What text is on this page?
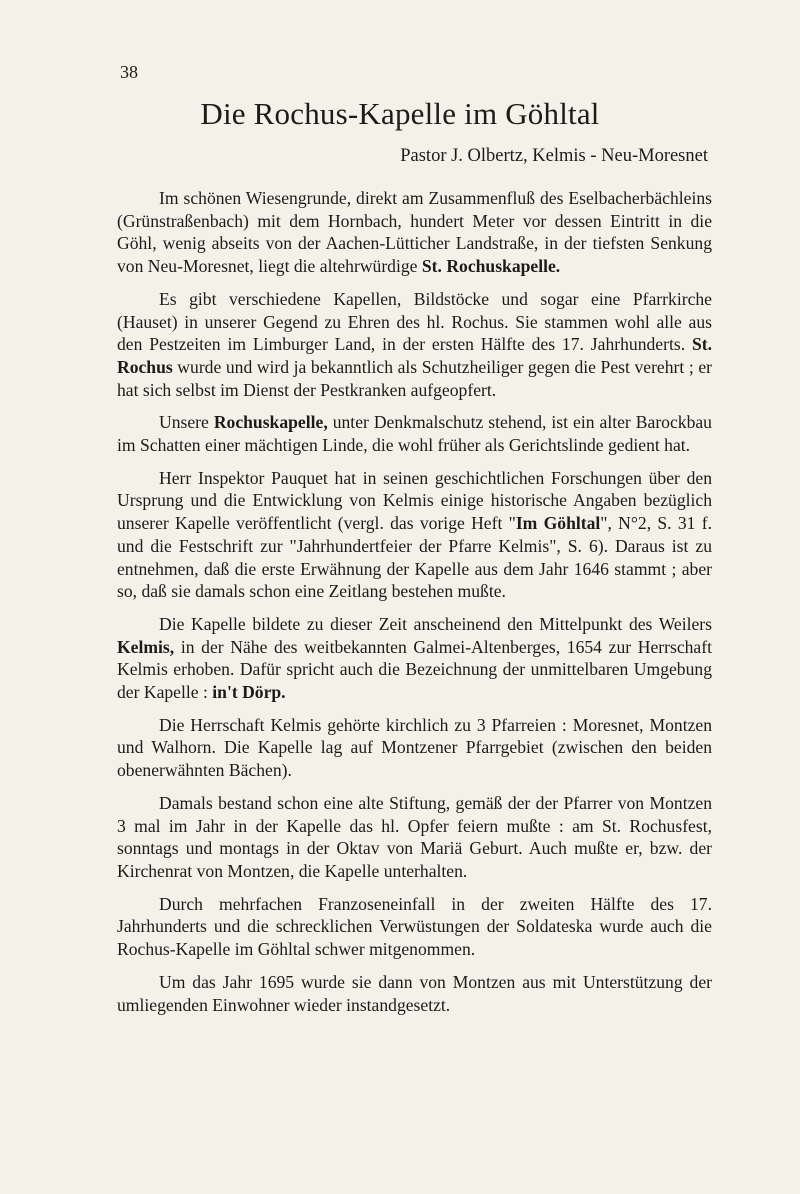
38
Die Rochus-Kapelle im Göhltal
Pastor J. Olbertz, Kelmis - Neu-Moresnet

Im schönen Wiesengrunde, direkt am Zusammenfluß des Eselbacherbächleins (Grünstraßenbach) mit dem Hornbach, hundert Meter vor dessen Eintritt in die Göhl, wenig abseits von der Aachen-Lütticher Landstraße, in der tiefsten Senkung von Neu-Moresnet, liegt die altehrwürdige St. Rochuskapelle.

Es gibt verschiedene Kapellen, Bildstöcke und sogar eine Pfarrkirche (Hauset) in unserer Gegend zu Ehren des hl. Rochus. Sie stammen wohl alle aus den Pestzeiten im Limburger Land, in der ersten Hälfte des 17. Jahrhunderts. St. Rochus wurde und wird ja bekanntlich als Schutzheiliger gegen die Pest verehrt ; er hat sich selbst im Dienst der Pestkranken aufgeopfert.

Unsere Rochuskapelle, unter Denkmalschutz stehend, ist ein alter Barockbau im Schatten einer mächtigen Linde, die wohl früher als Gerichtslinde gedient hat.

Herr Inspektor Pauquet hat in seinen geschichtlichen Forschungen über den Ursprung und die Entwicklung von Kelmis einige historische Angaben bezüglich unserer Kapelle veröffentlicht (vergl. das vorige Heft "Im Göhltal", N°2, S. 31 f. und die Festschrift zur "Jahrhundertfeier der Pfarre Kelmis", S. 6). Daraus ist zu entnehmen, daß die erste Erwähnung der Kapelle aus dem Jahr 1646 stammt ; aber so, daß sie damals schon eine Zeitlang bestehen mußte.

Die Kapelle bildete zu dieser Zeit anscheinend den Mittelpunkt des Weilers Kelmis, in der Nähe des weitbekannten Galmei-Altenberges, 1654 zur Herrschaft Kelmis erhoben. Dafür spricht auch die Bezeichnung der unmittelbaren Umgebung der Kapelle : in't Dörp.

Die Herrschaft Kelmis gehörte kirchlich zu 3 Pfarreien : Moresnet, Montzen und Walhorn. Die Kapelle lag auf Montzener Pfarrgebiet (zwischen den beiden obenerwähnten Bächen).

Damals bestand schon eine alte Stiftung, gemäß der der Pfarrer von Montzen 3 mal im Jahr in der Kapelle das hl. Opfer feiern mußte : am St. Rochusfest, sonntags und montags in der Oktav von Mariä Geburt. Auch mußte er, bzw. der Kirchenrat von Montzen, die Kapelle unterhalten.

Durch mehrfachen Franzoseneinfall in der zweiten Hälfte des 17. Jahrhunderts und die schrecklichen Verwüstungen der Soldateska wurde auch die Rochus-Kapelle im Göhltal schwer mitgenommen.

Um das Jahr 1695 wurde sie dann von Montzen aus mit Unterstützung der umliegenden Einwohner wieder instandgesetzt.
